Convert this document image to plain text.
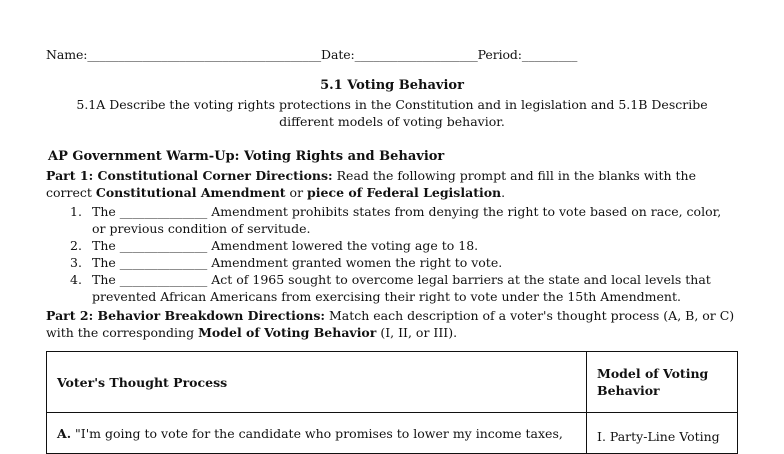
Name:______________________________________Date:____________________Period:_________
5.1 Voting Behavior
5.1A Describe the voting rights protections in the Constitution and in legislation and 5.1B Describe different models of voting behavior.
AP Government Warm-Up: Voting Rights and Behavior
Part 1: Constitutional Corner Directions: Read the following prompt and fill in the blanks with the correct Constitutional Amendment or piece of Federal Legislation.
1. The ______________ Amendment prohibits states from denying the right to vote based on race, color, or previous condition of servitude.
2. The ______________ Amendment lowered the voting age to 18.
3. The ______________ Amendment granted women the right to vote.
4. The ______________ Act of 1965 sought to overcome legal barriers at the state and local levels that prevented African Americans from exercising their right to vote under the 15th Amendment.
Part 2: Behavior Breakdown Directions: Match each description of a voter's thought process (A, B, or C) with the corresponding Model of Voting Behavior (I, II, or III).
Voter's Thought Process	Model of Voting Behavior

A. "I'm going to vote for the candidate who promises to lower my income taxes,	I. Party-Line Voting
